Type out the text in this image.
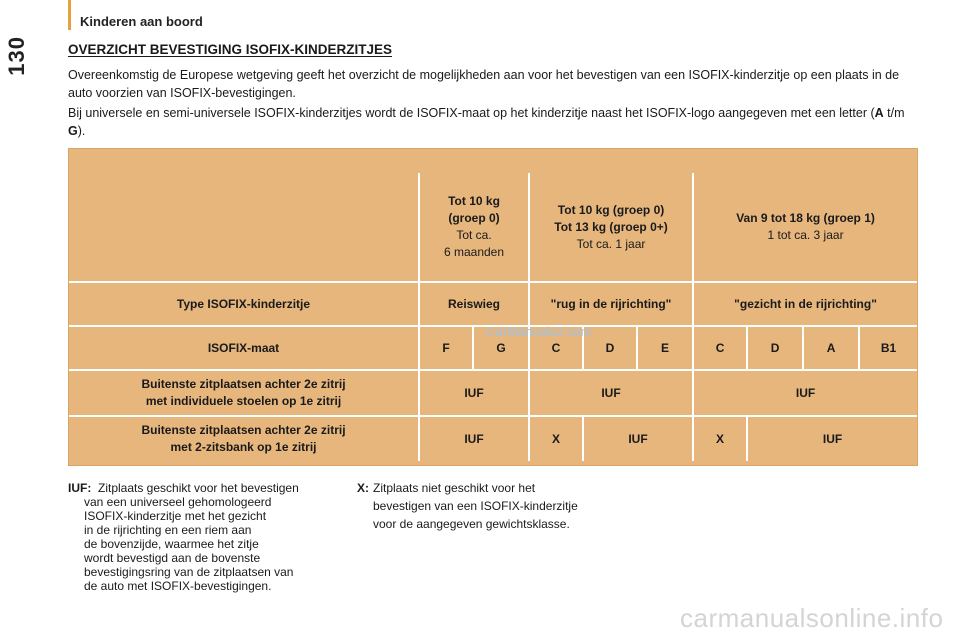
130
Kinderen aan boord
OVERZICHT BEVESTIGING ISOFIX-KINDERZITJES

Overeenkomstig de Europese wetgeving geeft het overzicht de mogelijkheden aan voor het bevestigen van een ISOFIX-kinderzitje op een plaats in de auto voorzien van ISOFIX-bevestigingen.

Bij universele en semi-universele ISOFIX-kinderzitjes wordt de ISOFIX-maat op het kinderzitje naast het ISOFIX-logo aangegeven met een letter (A t/m G).

	Tot 10 kg
(groep 0)
Tot ca.
6 maanden		Tot 10 kg (groep 0)
Tot 13 kg (groep 0+)
Tot ca. 1 jaar			Van 9 tot 18 kg (groep 1)
1 tot ca. 3 jaar			

Type ISOFIX-kinderzitje	Reiswieg		"rug in de rijrichting"			"gezicht in de rijrichting"			
ISOFIX-maat	F	G	C	D	E	C	D	A	B1

Buitenste zitplaatsen achter 2e zitrij
met individuele stoelen op 1e zitrij	IUF		IUF			IUF			

Buitenste zitplaatsen achter 2e zitrij
met 2-zitsbank op 1e zitrij	IUF		X	IUF		X	IUF		
CarManuals2.com
IUF: Zitplaats geschikt voor het bevestigen
van een universeel gehomologeerd
ISOFIX-kinderzitje met het gezicht
in de rijrichting en een riem aan
de bovenzijde, waarmee het zitje
wordt bevestigd aan de bovenste
bevestigingsring van de zitplaatsen van
de auto met ISOFIX-bevestigingen.
X: Zitplaats niet geschikt voor het
bevestigen van een ISOFIX-kinderzitje
voor de aangegeven gewichtsklasse.
carmanualsonline.info
